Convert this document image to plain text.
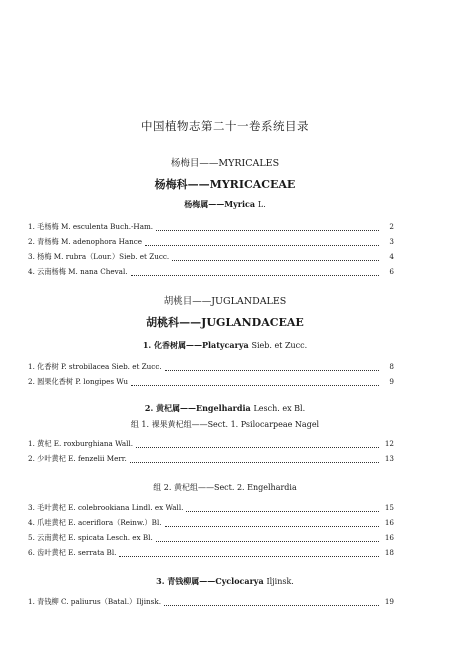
中国植物志第二十一卷系统目录
杨梅目——MYRICALES
杨梅科——MYRICACEAE
杨梅属——Myrica L.
1. 毛杨梅 M. esculenta Buch.-Ham.	2
2. 青杨梅 M. adenophora Hance	3
3. 杨梅 M. rubra（Lour.）Sieb. et Zucc.	4
4. 云南杨梅 M. nana Cheval.	6
胡桃目——JUGLANDALES
胡桃科——JUGLANDACEAE
1. 化香树属——Platycarya Sieb. et Zucc.
1. 化香树 P. strobilacea Sieb. et Zucc.	8
2. 圆果化香树 P. longipes Wu	9
2. 黄杞属——Engelhardia Lesch. ex Bl.
组 1. 裸果黄杞组——Sect. 1. Psilocarpeae Nagel
1. 黄杞 E. roxburghiana Wall.	12
2. 少叶黄杞 E. fenzelii Merr.	13
组 2. 黄杞组——Sect. 2. Engelhardia
3. 毛叶黄杞 E. colebrookiana Lindl. ex Wall.	15
4. 爪哇黄杞 E. aceriflora（Reinw.）Bl.	16
5. 云南黄杞 E. spicata Lesch. ex Bl.	16
6. 齿叶黄杞 E. serrata Bl.	18
3. 青钱柳属——Cyclocarya Iljinsk.
1. 青钱柳 C. paliurus（Batal.）Iljinsk.	19
